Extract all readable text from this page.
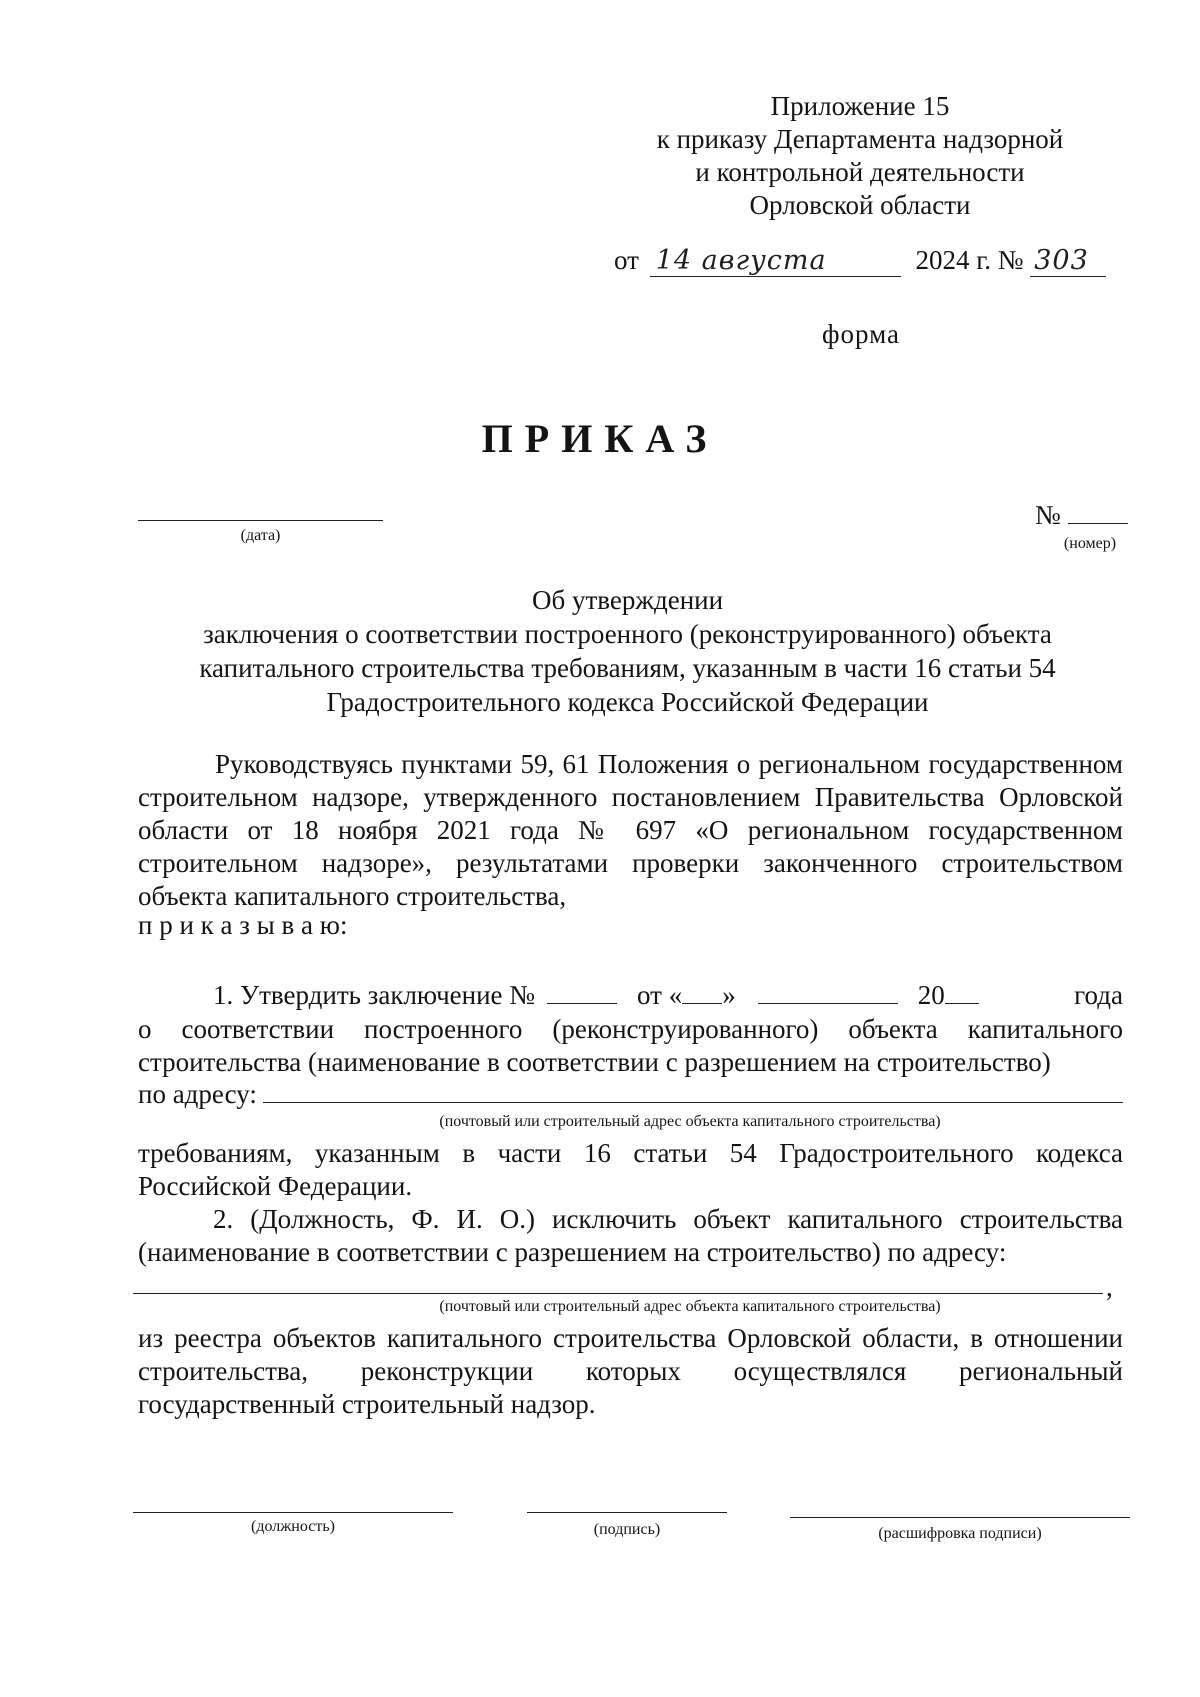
Приложение 15
к приказу Департамента надзорной
и контрольной деятельности
Орловской области
от 14 августа	2024 г. № 303
форма
ПРИКАЗ
(дата)
№
(номер)
Об утверждении
заключения о соответствии построенного (реконструированного) объекта
капитального строительства требованиям, указанным в части 16 статьи 54
Градостроительного кодекса Российской Федерации
Руководствуясь пунктами 59, 61 Положения о региональном государственном строительном надзоре, утвержденного постановлением Правительства Орловской области от 18 ноября 2021 года № 697 «О региональном государственном строительном надзоре», результатами проверки законченного строительством объекта капитального строительства,
п р и к а з ы в а ю:
1. Утвердить заключение №	от « »	20	года
о соответствии построенного (реконструированного) объекта капитального строительства (наименование в соответствии с разрешением на строительство)
по адресу:
(почтовый или строительный адрес объекта капитального строительства)
требованиям, указанным в части 16 статьи 54 Градостроительного кодекса Российской Федерации.
2. (Должность, Ф. И. О.) исключить объект капитального строительства (наименование в соответствии с разрешением на строительство) по адресу:
,
(почтовый или строительный адрес объекта капитального строительства)
из реестра объектов капитального строительства Орловской области, в отношении строительства, реконструкции которых осуществлялся региональный государственный строительный надзор.
(должность)	(подпись)	(расшифровка подписи)
